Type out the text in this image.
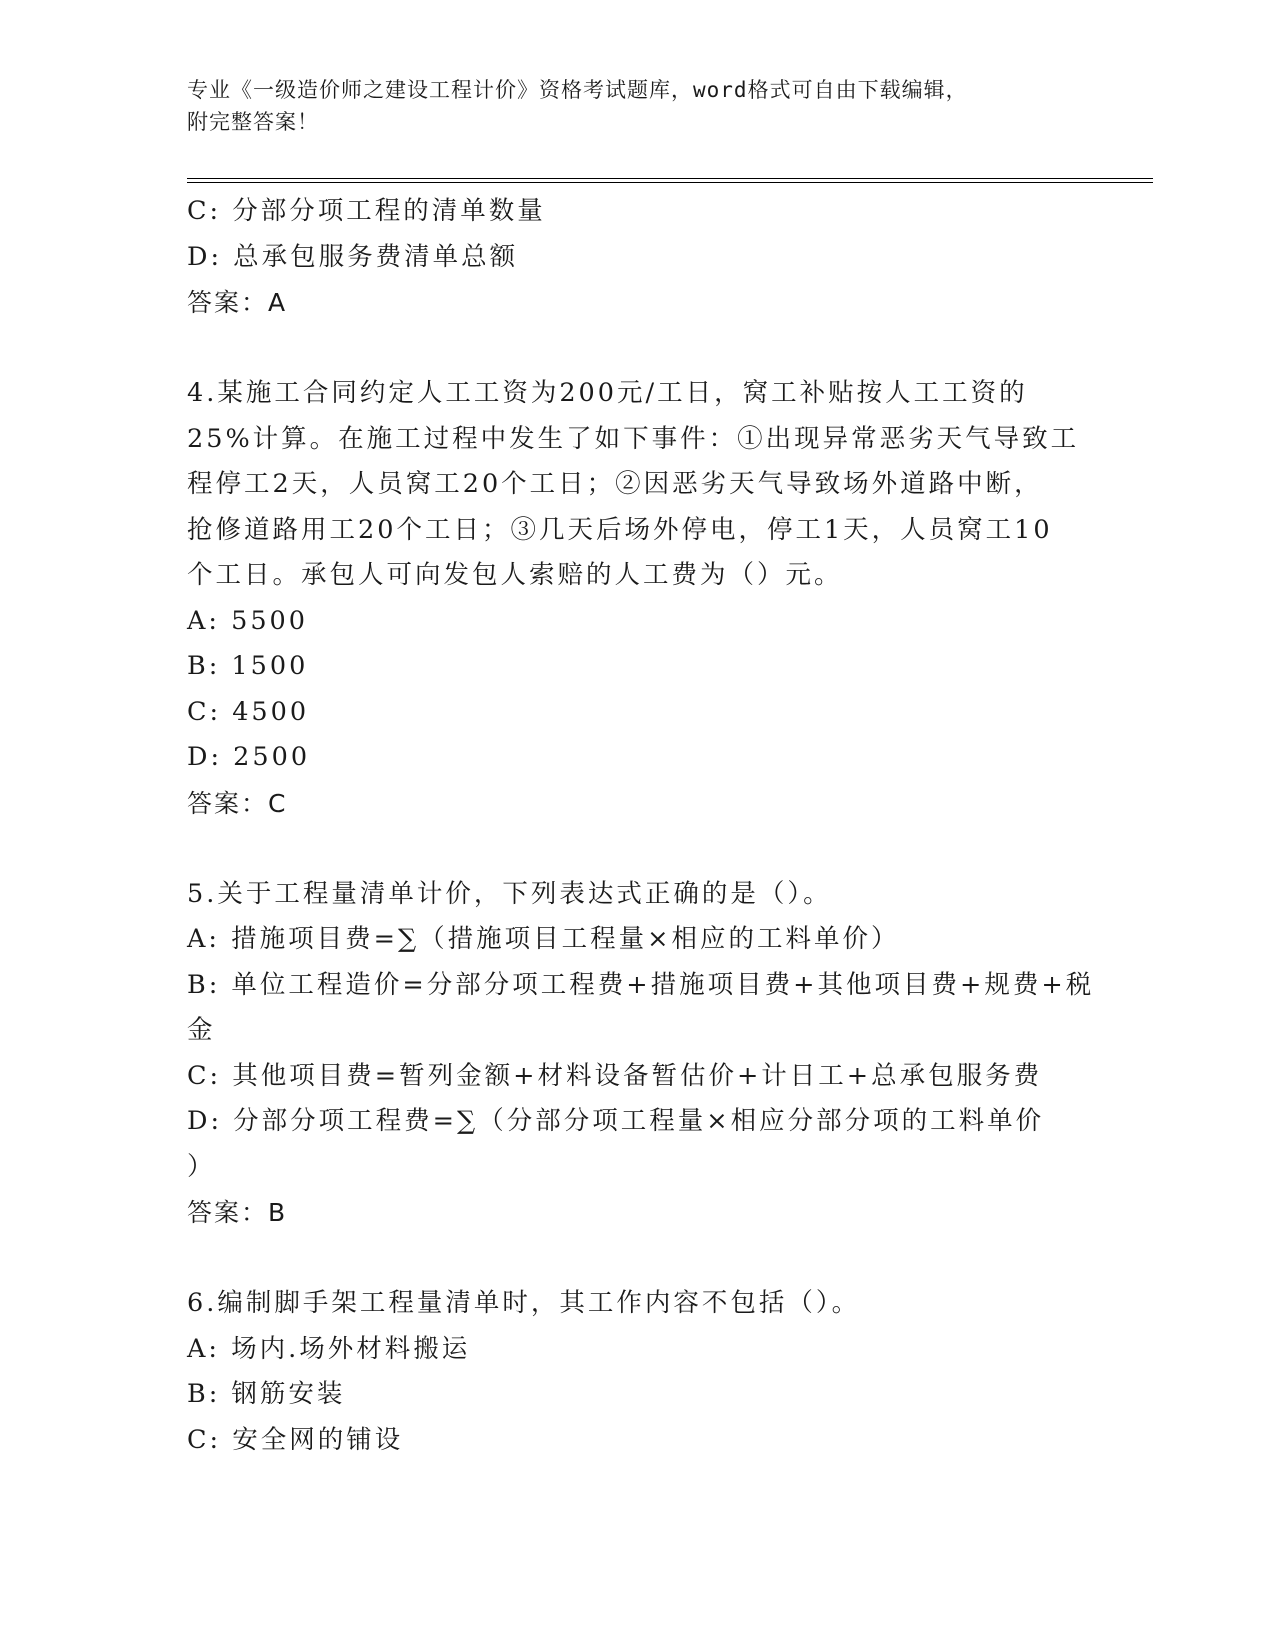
专业《一级造价师之建设工程计价》资格考试题库，word格式可自由下载编辑，
附完整答案！
C: 分部分项工程的清单数量
D: 总承包服务费清单总额
答案：A
4.某施工合同约定人工工资为200元/工日，窝工补贴按人工工资的
25%计算。在施工过程中发生了如下事件：①出现异常恶劣天气导致工
程停工2天，人员窝工20个工日；②因恶劣天气导致场外道路中断，
抢修道路用工20个工日；③几天后场外停电，停工1天，人员窝工10
个工日。承包人可向发包人索赔的人工费为（）元。
A: 5500
B: 1500
C: 4500
D: 2500
答案：C
5.关于工程量清单计价，下列表达式正确的是（）。
A: 措施项目费=∑（措施项目工程量×相应的工料单价）
B: 单位工程造价=分部分项工程费+措施项目费+其他项目费+规费+税
金
C: 其他项目费=暂列金额+材料设备暂估价+计日工+总承包服务费
D: 分部分项工程费=∑（分部分项工程量×相应分部分项的工料单价
）
答案：B
6.编制脚手架工程量清单时，其工作内容不包括（）。
A: 场内.场外材料搬运
B: 钢筋安装
C: 安全网的铺设
